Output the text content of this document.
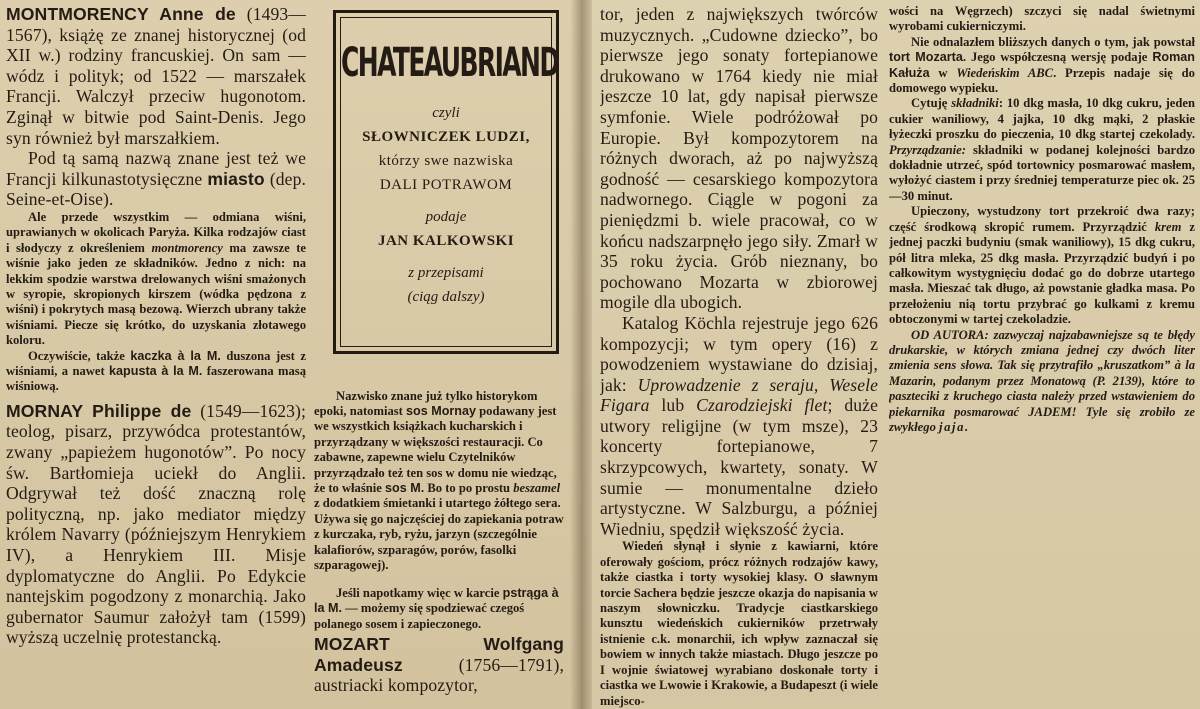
MONTMORENCY Anne de (1493—1567), książę ze znanej historycznej (od XII w.) rodziny francuskiej. On sam — wódz i polityk; od 1522 — marszałek Francji. Walczył przeciw hugonotom. Zginął w bitwie pod Saint-Denis. Jego syn również był marszałkiem.

Pod tą samą nazwą znane jest też we Francji kilkunastotysięczne miasto (dep. Seine-et-Oise).

Ale przede wszystkim — odmiana wiśni, uprawianych w okolicach Paryża. Kilka rodzajów ciast i słodyczy z określeniem montmorency ma zawsze te wiśnie jako jeden ze składników. Jedno z nich: na lekkim spodzie warstwa drelowanych wiśni smażonych w syropie, skropionych kirszem (wódka pędzona z wiśni) i pokrytych masą bezową. Wierzch ubrany także wiśniami. Piecze się krótko, do uzyskania złotawego koloru.

Oczywiście, także kaczka à la M. duszona jest z wiśniami, a nawet kapusta à la M. faszerowana masą wiśniową.

MORNAY Philippe de (1549—1623); teolog, pisarz, przywódca protestantów, zwany „papieżem hugonotów”. Po nocy św. Bartłomieja uciekł do Anglii. Odgrywał też dość znaczną rolę polityczną, np. jako mediator między królem Navarry (późniejszym Henrykiem IV), a Henrykiem III. Misje dyplomatyczne do Anglii. Po Edykcie nantejskim pogodzony z monarchią. Jako gubernator Saumur założył tam (1599) wyższą uczelnię protestancką.

CHATEAUBRIAND
czyli
SŁOWNICZEK LUDZI,
którzy swe nazwiska
DALI POTRAWOM
podaje
JAN KALKOWSKI
z przepisami
(ciąg dalszy)

Nazwisko znane już tylko historykom epoki, natomiast sos Mornay podawany jest we wszystkich książkach kucharskich i przyrządzany w większości restauracji. Co zabawne, zapewne wielu Czytelników przyrządzało też ten sos w domu nie wiedząc, że to właśnie sos M. Bo to po prostu beszamel z dodatkiem śmietanki i utartego żółtego sera. Używa się go najczęściej do zapiekania potraw z kurczaka, ryb, ryżu, jarzyn (szczególnie kalafiorów, szparagów, porów, fasolki szparagowej).

Jeśli napotkamy więc w karcie pstrąga à la M. — możemy się spodziewać czegoś polanego sosem i zapieczonego.

MOZART Wolfgang Amadeusz (1756—1791), austriacki kompozytor,

tor, jeden z największych twórców muzycznych. „Cudowne dziecko”, bo pierwsze jego sonaty fortepianowe drukowano w 1764 kiedy nie miał jeszcze 10 lat, gdy napisał pierwsze symfonie. Wiele podróżował po Europie. Był kompozytorem na różnych dworach, aż po najwyższą godność — cesarskiego kompozytora nadwornego. Ciągle w pogoni za pieniędzmi b. wiele pracował, co w końcu nadszarpnęło jego siły. Zmarł w 35 roku życia. Grób nieznany, bo pochowano Mozarta w zbiorowej mogile dla ubogich.

Katalog Köchla rejestruje jego 626 kompozycji; w tym opery (16) z powodzeniem wystawiane do dzisiaj, jak: Uprowadzenie z seraju, Wesele Figara lub Czarodziejski flet; duże utwory religijne (w tym msze), 23 koncerty fortepianowe, 7 skrzypcowych, kwartety, sonaty. W sumie — monumentalne dzieło artystyczne. W Salzburgu, a później Wiedniu, spędził większość życia.

Wiedeń słynął i słynie z kawiarni, które oferowały gościom, prócz różnych rodzajów kawy, także ciastka i torty wysokiej klasy. O sławnym torcie Sachera będzie jeszcze okazja do napisania w naszym słowniczku. Tradycje ciastkarskiego kunsztu wiedeńskich cukierników przetrwały istnienie c.k. monarchii, ich wpływ zaznaczał się bowiem w innych także miastach. Długo jeszcze po I wojnie światowej wyrabiano doskonałe torty i ciastka we Lwowie i Krakowie, a Budapeszt (i wiele miejsco-

wości na Węgrzech) szczyci się nadal świetnymi wyrobami cukierniczymi.

Nie odnalazłem bliższych danych o tym, jak powstał tort Mozarta. Jego współczesną wersję podaje Roman Kałuża w Wiedeńskim ABC. Przepis nadaje się do domowego wypieku.

Cytuję składniki: 10 dkg masła, 10 dkg cukru, jeden cukier waniliowy, 4 jajka, 10 dkg mąki, 2 płaskie łyżeczki proszku do pieczenia, 10 dkg startej czekolady. Przyrządzanie: składniki w podanej kolejności bardzo dokładnie utrzeć, spód tortownicy posmarować masłem, wyłożyć ciastem i przy średniej temperaturze piec ok. 25—30 minut.

Upieczony, wystudzony tort przekroić dwa razy; część środkową skropić rumem. Przyrządzić krem z jednej paczki budyniu (smak waniliowy), 15 dkg cukru, pół litra mleka, 25 dkg masła. Przyrządzić budyń i po całkowitym wystygnięciu dodać go do dobrze utartego masła. Mieszać tak długo, aż powstanie gładka masa. Po przełożeniu nią tortu przybrać go kulkami z kremu obtoczonymi w tartej czekoladzie.

OD AUTORA: zazwyczaj najzabawniejsze są te błędy drukarskie, w których zmiana jednej czy dwóch liter zmienia sens słowa. Tak się przytrafiło „kruszatkom” à la Mazarin, podanym przez Monatową (P. 2139), które to paszteciki z kruchego ciasta należy przed wstawieniem do piekarnika posmarować JADEM! Tyle się zrobiło ze zwykłego jaja.
